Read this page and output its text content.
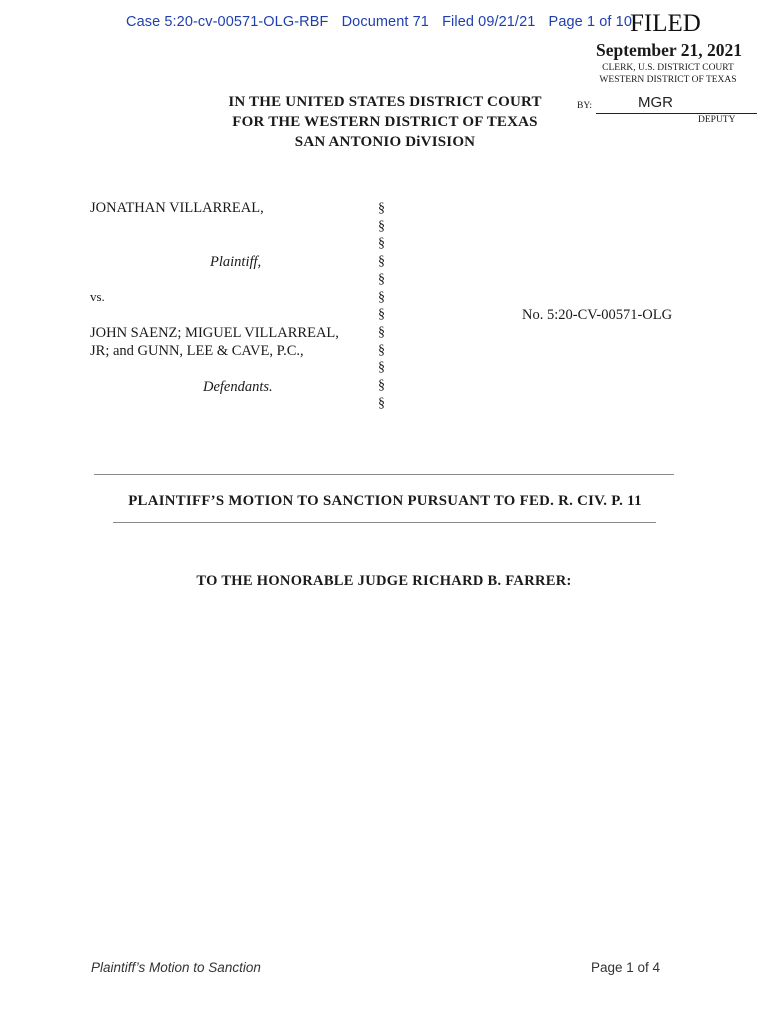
Case 5:20-cv-00571-OLG-RBF Document 71 Filed 09/21/21 Page 1 of 10
FILED
September 21, 2021
CLERK, U.S. DISTRICT COURT
WESTERN DISTRICT OF TEXAS
BY:	MGR
DEPUTY
IN THE UNITED STATES DISTRICT COURT
FOR THE WESTERN DISTRICT OF TEXAS
SAN ANTONIO DiVISION
JONATHAN VILLARREAL,
Plaintiff,
vs.
JOHN SAENZ; MIGUEL VILLARREAL,
JR; and GUNN, LEE & CAVE, P.C.,
Defendants.
§
§
§
§
§
§
§
§
§
§
§
§
No. 5:20-CV-00571-OLG
PLAINTIFF’S MOTION TO SANCTION PURSUANT TO FED. R. CIV. P. 11
TO THE HONORABLE JUDGE RICHARD B. FARRER:
Plaintiff’s Motion to Sanction	Page 1 of 4
